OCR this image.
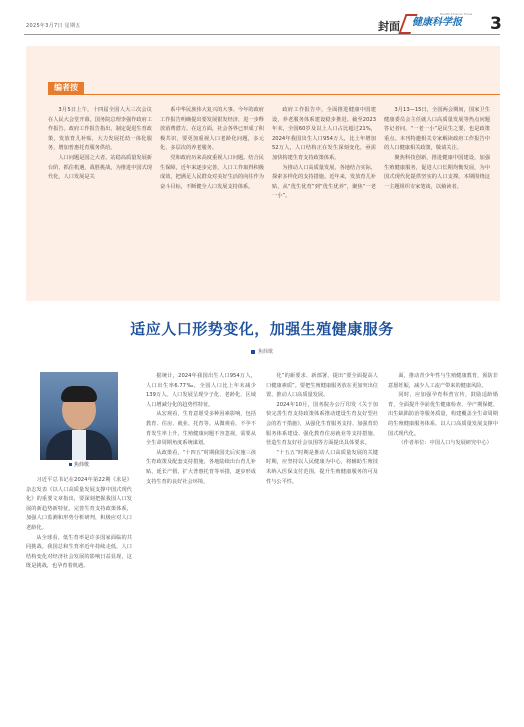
2025年3月7日 星期五	封面 健康科学报
Health Science Times 3
编者按

3月5日上午，十四届全国人大三次会议在人民大会堂开幕。国务院总理李强作政府工作报告。政府工作报告指出，制定促进生育政策，发放育儿补贴，大力发展托幼一体化服务，增加普惠托育服务供给。

人口问题是国之大者。站稳高质量发展新台阶，抓住机遇，战胜挑战，为推进中国式现代化，人口发展是关

系中华民族伟大复兴的大事。今年的政府工作报告明确提出要发展银发经济，进一步释放消费潜力。在这方面，社会各界已形成了积极共识，要更加重视人口老龄化问题，多元化、多层次的养老服务。

党和政府历来高度重视人口问题。结合民生保障，近年来逐步完善，人口工作取得积极成效，把满足人民群众对美好生活的向往作为奋斗目标，不断健全人口发展支持体系。

政府工作报告中，全面推进健康中国建设，养老服务体系建设稳步推进。截至2023年末，全国60岁及以上人口占比超过21%，2024年我国出生人口954万人，比上年增加52万人，人口结构正在发生深刻变化，亟需加快构建生育支持政策体系。

为推动人口高质量发展，各地结合实际，探索多样化的支持措施。近年来，发放育儿补贴，从“优生优育”到“优生优养”，聚焦“一老一小”。

3月13—15日，全国两会期间，国家卫生健康委员会主任就人口高质量发展等热点问题答记者问。“一老一小”是民生之要，也是政策重点。本刊特邀相关专家解读政府工作报告中的人口健康相关政策，敬请关注。

聚焦科技创新，推进健康中国建设，加强生殖健康服务，促进人口长期均衡发展，为中国式现代化提供坚实的人口支撑。本期围绕这一主题组织专家笔谈，以飨读者。

适应人口形势变化，加强生殖健康服务
焦炜歌
焦炜歌

习近平总书记在2024年第22期《求是》杂志发表《以人口高质量发展支撑中国式现代化》的重要文章指出，要深刻把握我国人口发展的新趋势新特征。完善生育支持政策体系，加强人口监测和形势分析研判，积极应对人口老龄化。

从全球看，低生育率是许多国家面临的共同挑战。我国总和生育率近年持续走低，人口结构变化对经济社会发展的影响日益显现，这既是挑战，也孕育着机遇。

据统计，2024年我国出生人口954万人，人口出生率6.77‰，全国人口比上年末减少139万人。人口发展呈现少子化、老龄化、区域人口增减分化的趋势性特征。

从宏观看，生育意愿受多种因素影响，包括教育、住房、就业、托育等。从微观看，不孕不育发生率上升，生殖健康问题不容忽视，需要从全生命周期角度系统谋划。

从政策看，“十四五”时期我国先后实施三孩生育政策及配套支持措施，各地陆续出台育儿补贴、延长产假、扩大普惠托育等举措，逐步形成支持生育的良好社会环境。

化”的新要求、新部署，提出“要全面提高人口健康素质”。要把生殖健康服务放在更加突出位置，推动人口高质量发展。

2024年10月，国务院办公厅印发《关于加快完善生育支持政策体系推动建设生育友好型社会的若干措施》，从强化生育服务支持、加强育幼服务体系建设、强化教育住房就业等支持措施、营造生育友好社会氛围等方面提出具体要求。

“十五五”时期是推动人口高质量发展的关键时期，应坚持以人民健康为中心，将辅助生殖技术纳入医保支付范围，提升生殖健康服务的可及性与公平性。

面，推动青少年性与生殖健康教育，预防非意愿妊娠，减少人工流产带来的健康风险。

同时，应加强孕育科普宣传，鼓励适龄婚育，全面提升孕前优生健康检查、孕产期保健、出生缺陷防治等服务质量，构建覆盖全生命周期的生殖健康服务体系，以人口高质量发展支撑中国式现代化。

（作者单位：中国人口与发展研究中心）
